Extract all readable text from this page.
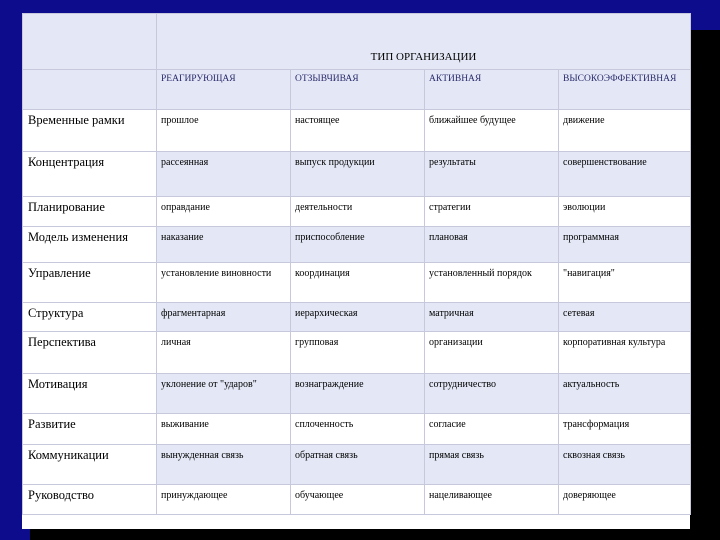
	ТИП ОРГАНИЗАЦИИ			
	РЕАГИРУЮЩАЯ	ОТЗЫВЧИВАЯ	АКТИВНАЯ	ВЫСОКОЭФФЕКТИВНАЯ
Временные рамки	прошлое	настоящее	ближайшее будущее	движение
Концентрация	рассеянная	выпуск продукции	результаты	совершенствование
Планирование	оправдание	деятельности	стратегии	эволюции
Модель изменения	наказание	приспособление	плановая	программная
Управление	установление виновности	координация	установленный порядок	"навигация"
Структура	фрагментарная	иерархическая	матричная	сетевая
Перспектива	личная	групповая	организации	корпоративная культура
Мотивация	уклонение от "ударов"	вознаграждение	сотрудничество	актуальность
Развитие	выживание	сплоченность	согласие	трансформация
Коммуникации	вынужденная связь	обратная связь	прямая связь	сквозная связь
Руководство	принуждающее	обучающее	нацеливающее	доверяющее
